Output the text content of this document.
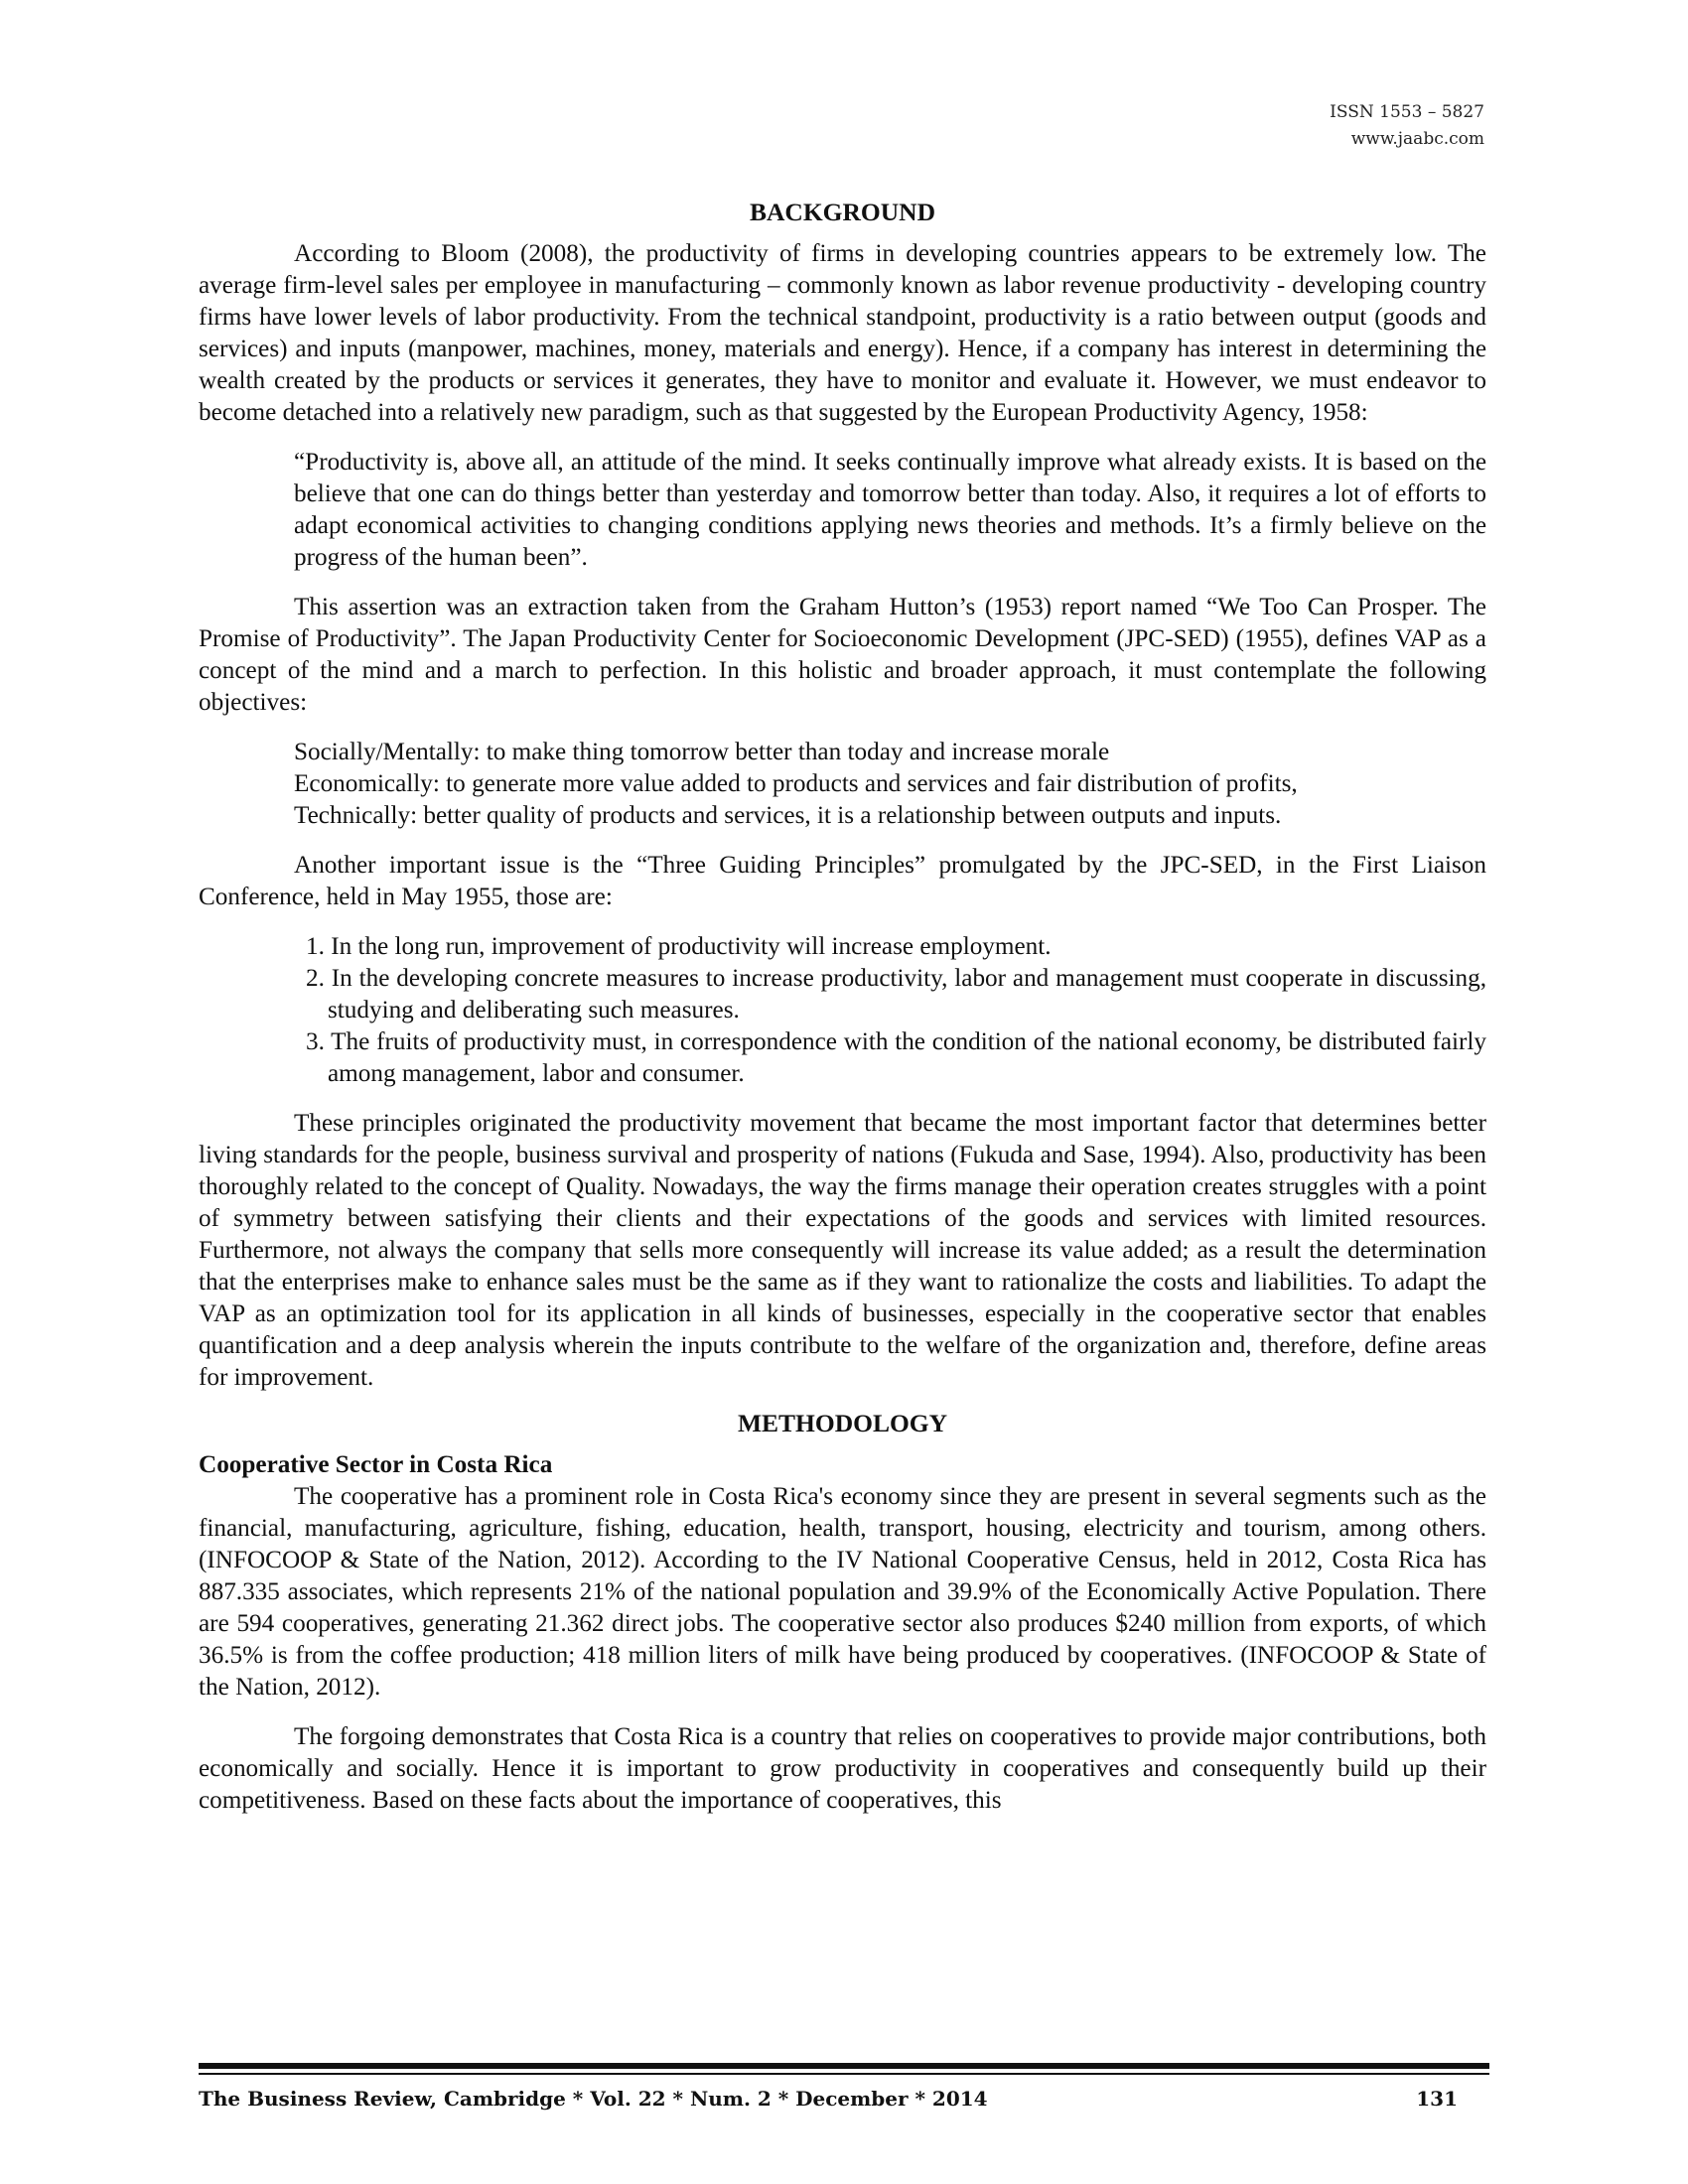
ISSN 1553 – 5827
www.jaabc.com
BACKGROUND

According to Bloom (2008), the productivity of firms in developing countries appears to be extremely low. The average firm-level sales per employee in manufacturing – commonly known as labor revenue productivity - developing country firms have lower levels of labor productivity. From the technical standpoint, productivity is a ratio between output (goods and services) and inputs (manpower, machines, money, materials and energy). Hence, if a company has interest in determining the wealth created by the products or services it generates, they have to monitor and evaluate it. However, we must endeavor to become detached into a relatively new paradigm, such as that suggested by the European Productivity Agency, 1958:

“Productivity is, above all, an attitude of the mind. It seeks continually improve what already exists. It is based on the believe that one can do things better than yesterday and tomorrow better than today. Also, it requires a lot of efforts to adapt economical activities to changing conditions applying news theories and methods. It’s a firmly believe on the progress of the human been”.

This assertion was an extraction taken from the Graham Hutton’s (1953) report named “We Too Can Prosper. The Promise of Productivity”. The Japan Productivity Center for Socioeconomic Development (JPC-SED) (1955), defines VAP as a concept of the mind and a march to perfection. In this holistic and broader approach, it must contemplate the following objectives:

Socially/Mentally: to make thing tomorrow better than today and increase morale
Economically: to generate more value added to products and services and fair distribution of profits,
Technically: better quality of products and services, it is a relationship between outputs and inputs.

Another important issue is the “Three Guiding Principles” promulgated by the JPC-SED, in the First Liaison Conference, held in May 1955, those are:

1. In the long run, improvement of productivity will increase employment.
2. In the developing concrete measures to increase productivity, labor and management must cooperate in discussing, studying and deliberating such measures.
3. The fruits of productivity must, in correspondence with the condition of the national economy, be distributed fairly among management, labor and consumer.

These principles originated the productivity movement that became the most important factor that determines better living standards for the people, business survival and prosperity of nations (Fukuda and Sase, 1994). Also, productivity has been thoroughly related to the concept of Quality. Nowadays, the way the firms manage their operation creates struggles with a point of symmetry between satisfying their clients and their expectations of the goods and services with limited resources. Furthermore, not always the company that sells more consequently will increase its value added; as a result the determination that the enterprises make to enhance sales must be the same as if they want to rationalize the costs and liabilities. To adapt the VAP as an optimization tool for its application in all kinds of businesses, especially in the cooperative sector that enables quantification and a deep analysis wherein the inputs contribute to the welfare of the organization and, therefore, define areas for improvement.

METHODOLOGY
Cooperative Sector in Costa Rica

The cooperative has a prominent role in Costa Rica's economy since they are present in several segments such as the financial, manufacturing, agriculture, fishing, education, health, transport, housing, electricity and tourism, among others. (INFOCOOP & State of the Nation, 2012). According to the IV National Cooperative Census, held in 2012, Costa Rica has 887.335 associates, which represents 21% of the national population and 39.9% of the Economically Active Population. There are 594 cooperatives, generating 21.362 direct jobs. The cooperative sector also produces $240 million from exports, of which 36.5% is from the coffee production; 418 million liters of milk have being produced by cooperatives. (INFOCOOP & State of the Nation, 2012).

The forgoing demonstrates that Costa Rica is a country that relies on cooperatives to provide major contributions, both economically and socially. Hence it is important to grow productivity in cooperatives and consequently build up their competitiveness. Based on these facts about the importance of cooperatives, this

The Business Review, Cambridge * Vol. 22 * Num. 2 * December * 2014	131
